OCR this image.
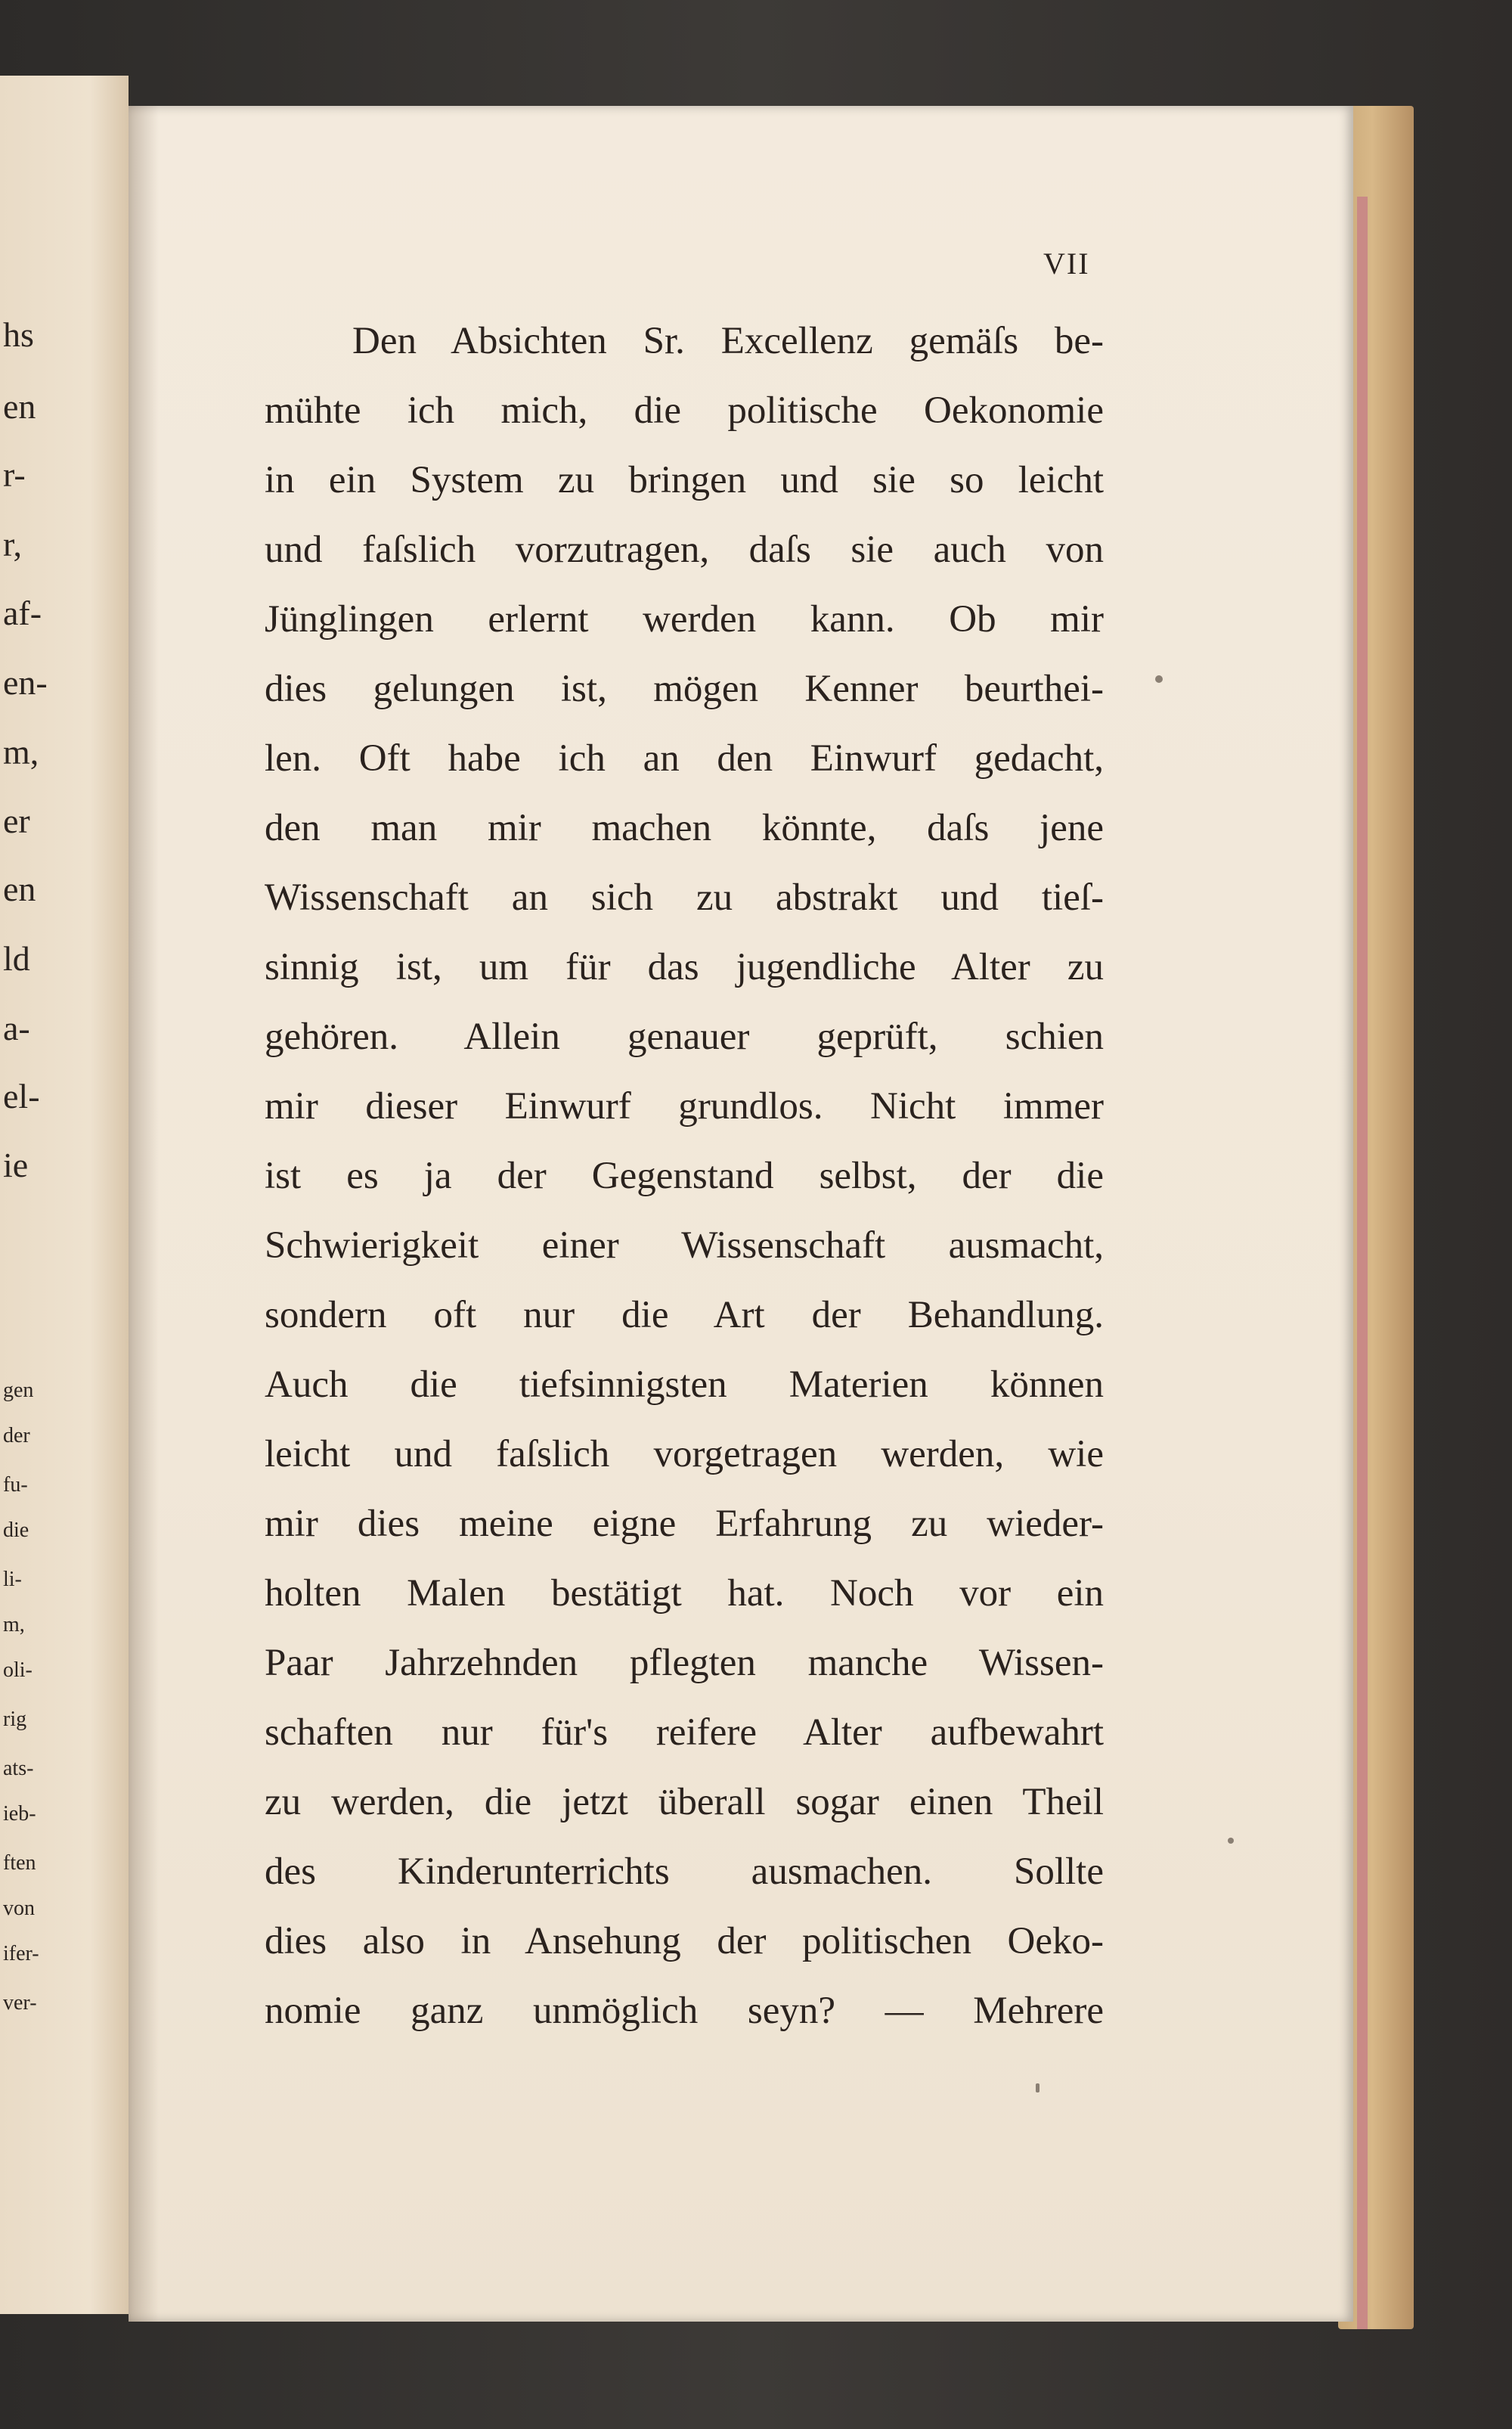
hs

en

r-

r,

af-

en-

m,

er

en

ld

a-

el-

ie

gen

der

fu-

die

li-

m,

oli-

rig

ats-

ieb-

ften

von

ifer-

ver-

VII

Den Absichten Sr. Excellenz gemäſs be-
mühte ich mich, die politische Oekonomie
in ein System zu bringen und sie so leicht
und faſslich vorzutragen, daſs sie auch von
Jünglingen erlernt werden kann. Ob mir
dies gelungen ist, mögen Kenner beurthei-
len. Oft habe ich an den Einwurf gedacht,
den man mir machen könnte, daſs jene
Wissenschaft an sich zu abstrakt und tieſ-
sinnig ist, um für das jugendliche Alter zu
gehören. Allein genauer geprüft, schien
mir dieser Einwurf grundlos. Nicht immer
ist es ja der Gegenstand selbst, der die
Schwierigkeit einer Wissenschaft ausmacht,
sondern oft nur die Art der Behandlung.
Auch die tiefsinnigsten Materien können
leicht und faſslich vorgetragen werden, wie
mir dies meine eigne Erfahrung zu wieder-
holten Malen bestätigt hat. Noch vor ein
Paar Jahrzehnden pflegten manche Wissen-
schaften nur für's reifere Alter aufbewahrt
zu werden, die jetzt überall sogar einen Theil
des Kinderunterrichts ausmachen. Sollte
dies also in Ansehung der politischen Oeko-
nomie ganz unmöglich seyn? — Mehrere
